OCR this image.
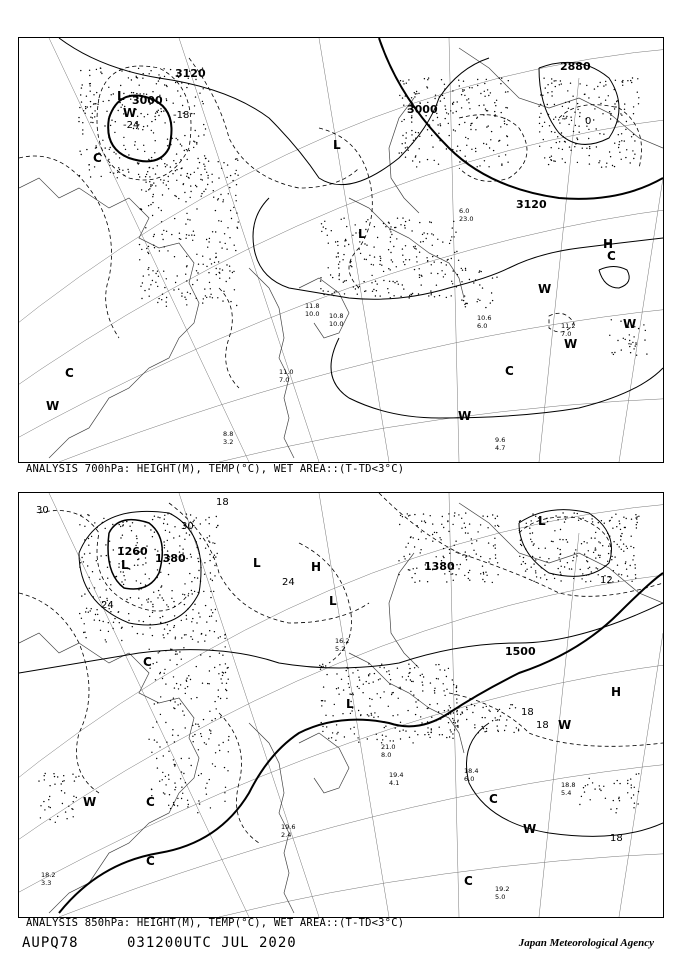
3000
3120
3000
2880
3120
-24
-18
0
L
W
C
L
L
H
C
W
W
W
C
W
W
C
10.6
6.0	11.2
7.0
9.6
4.7
10.8
10.0
8.8
3.2
11.8
10.0
6.0
23.0
11.0
7.0
ANALYSIS 700hPa: HEIGHT(M), TEMP(°C), WET AREA::(T-TD<3°C)
1260
1380
1380
1500
30
30
24
18
18
12
24
18
18
L	L	H
L
L
C
L
H
C
W
C
C
W
C
W
18.4
6.0
18.8
5.4
19.2
5.0
19.4
4.1
21.0
8.0
19.6
2.4
18.2
3.3
16.2
5.2
ANALYSIS 850hPa: HEIGHT(M), TEMP(°C), WET AREA::(T-TD<3°C)
AUPQ78	031200UTC JUL 2020	Japan Meteorological Agency
